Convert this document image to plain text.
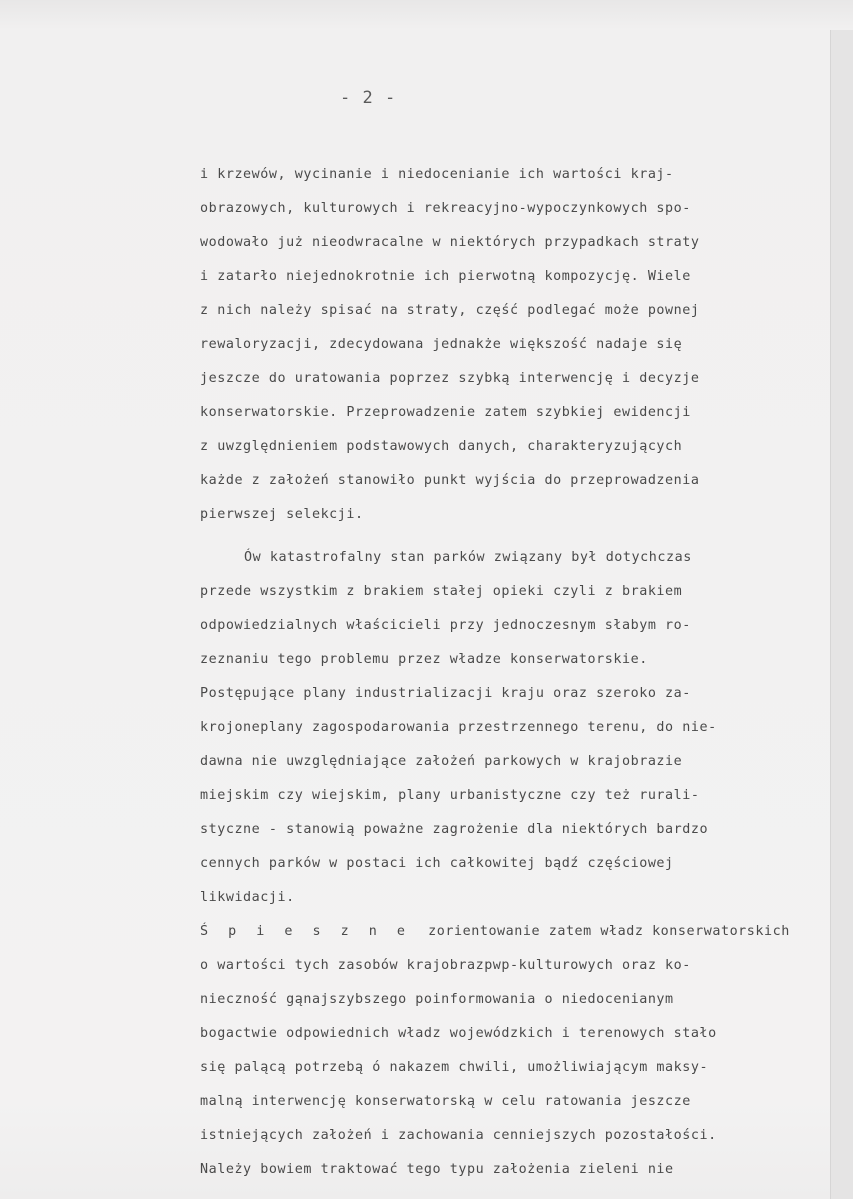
- 2 -
i krzewów, wycinanie i niedocenianie ich wartości kraj-
obrazowych, kulturowych i rekreacyjno-wypoczynkowych spo-
wodowało już nieodwracalne w niektórych przypadkach straty
i zatarło niejednokrotnie ich pierwotną kompozycję. Wiele
z nich należy spisać na straty, część podlegać może pownej
rewaloryzacji, zdecydowana jednakże większość nadaje się
jeszcze do uratowania poprzez szybką interwencję i decyzje
konserwatorskie. Przeprowadzenie zatem szybkiej ewidencji
z uwzględnieniem podstawowych danych, charakteryzujących
każde z założeń stanowiło punkt wyjścia do przeprowadzenia
pierwszej selekcji.
Ów katastrofalny stan parków związany był dotychczas
przede wszystkim z brakiem stałej opieki czyli z brakiem
odpowiedzialnych właścicieli przy jednoczesnym słabym ro-
zeznaniu tego problemu przez władze konserwatorskie.
Postępujące plany industrializacji kraju oraz szeroko za-
krojoneplany zagospodarowania przestrzennego terenu, do nie-
dawna nie uwzględniające założeń parkowych w krajobrazie
miejskim czy wiejskim, plany urbanistyczne czy też rurali-
styczne - stanowią poważne zagrożenie dla niektórych bardzo
cennych parków w postaci ich całkowitej bądź częściowej
likwidacji.
Ś p i e s z n e  zorientowanie zatem władz konserwatorskich
o wartości tych zasobów krajobrazpwp-kulturowych oraz ko-
nieczność gąnajszybszego poinformowania o niedocenianym
bogactwie odpowiednich władz wojewódzkich i terenowych stało
się palącą potrzebą ó nakazem chwili, umożliwiającym maksy-
malną interwencję konserwatorską w celu ratowania jeszcze
istniejących założeń i zachowania cenniejszych pozostałości.
Należy bowiem traktować tego typu założenia zieleni nie
